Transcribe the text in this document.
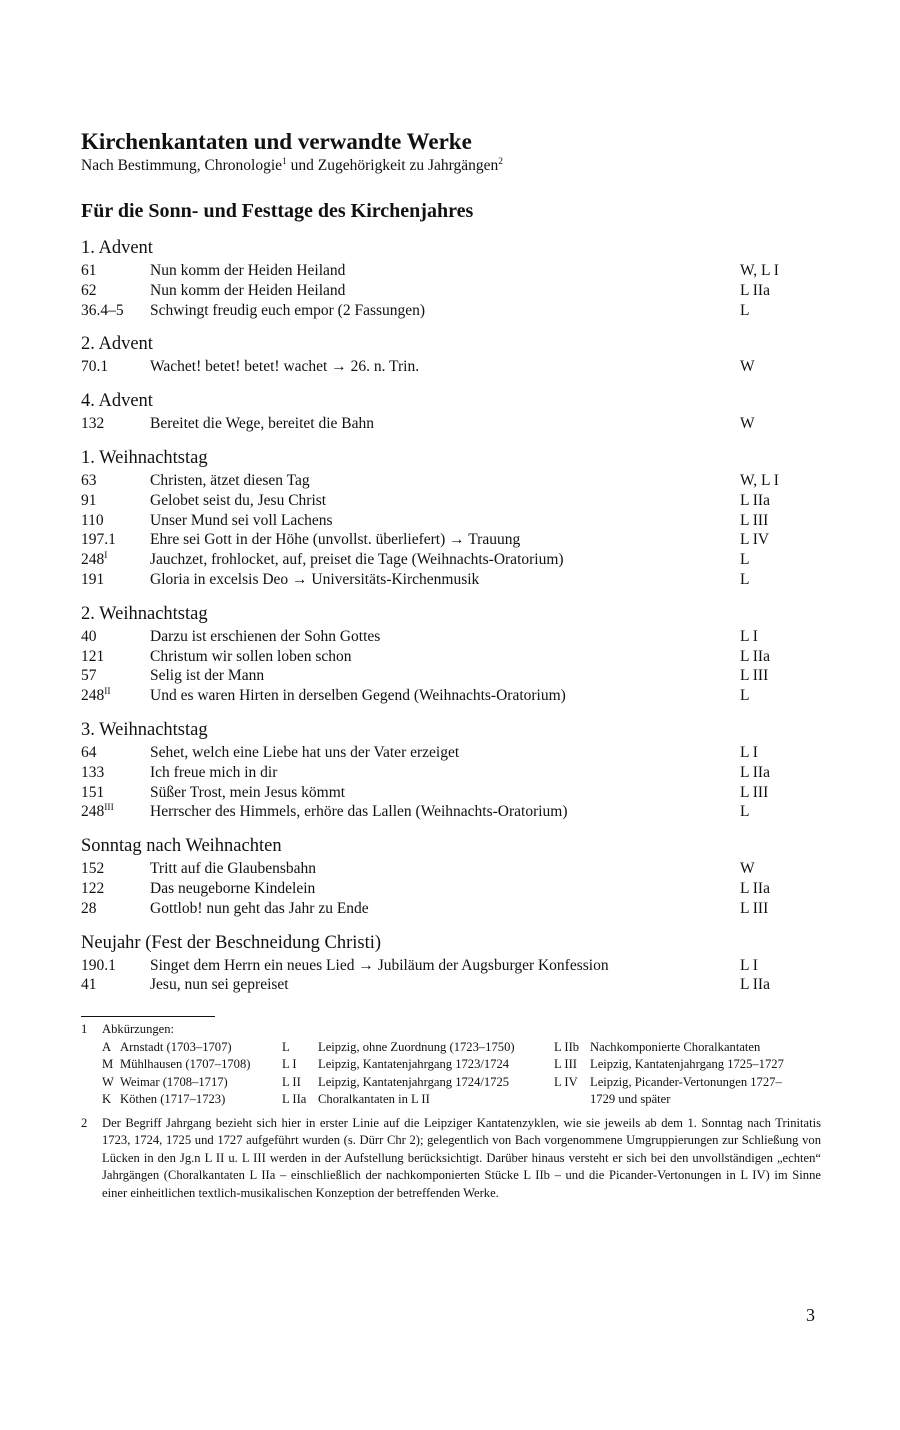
Kirchenkantaten und verwandte Werke

Nach Bestimmung, Chronologie$^1$ und Zugehörigkeit zu Jahrgängen$^2$

Für die Sonn- und Festtage des Kirchenjahres
1. Advent
61	Nun komm der Heiden Heiland	W, L I
62	Nun komm der Heiden Heiland	L IIa
36.4–5	Schwingt freudig euch empor (2 Fassungen)	L
2. Advent
70.1	Wachet! betet! betet! wachet → 26. n. Trin.	W
4. Advent
132	Bereitet die Wege, bereitet die Bahn	W
1. Weihnachtstag
63	Christen, ätzet diesen Tag	W, L I
91	Gelobet seist du, Jesu Christ	L IIa
110	Unser Mund sei voll Lachens	L III
197.1	Ehre sei Gott in der Höhe (unvollst. überliefert) → Trauung	L IV
$248^I$	Jauchzet, frohlocket, auf, preiset die Tage (Weihnachts-Oratorium)	L
191	Gloria in excelsis Deo → Universitäts-Kirchenmusik	L
2. Weihnachtstag
40	Darzu ist erschienen der Sohn Gottes	L I
121	Christum wir sollen loben schon	L IIa
57	Selig ist der Mann	L III
$248^{II}$	Und es waren Hirten in derselben Gegend (Weihnachts-Oratorium)	L
3. Weihnachtstag
64	Sehet, welch eine Liebe hat uns der Vater erzeiget	L I
133	Ich freue mich in dir	L IIa
151	Süßer Trost, mein Jesus kömmt	L III
$248^{III}$	Herrscher des Himmels, erhöre das Lallen (Weihnachts-Oratorium)	L
Sonntag nach Weihnachten
152	Tritt auf die Glaubensbahn	W
122	Das neugeborne Kindelein	L IIa
28	Gottlob! nun geht das Jahr zu Ende	L III
Neujahr (Fest der Beschneidung Christi)
190.1	Singet dem Herrn ein neues Lied → Jubiläum der Augsburger Konfession	L I
41	Jesu, nun sei gepreiset	L IIa
1	Abkürzungen:
A Arnstadt (1703–1707)	L	Leipzig, ohne Zuordnung (1723–1750)	L IIb Nachkomponierte Choralkantaten
M Mühlhausen (1707–1708)	L I	Leipzig, Kantatenjahrgang 1723/1724	L III	Leipzig, Kantatenjahrgang 1725–1727
W Weimar (1708–1717)	L II	Leipzig, Kantatenjahrgang 1724/1725	L IV Leipzig, Picander-Vertonungen 1727–
K Köthen (1717–1723)	L IIa Choralkantaten in L II	1729 und später
2	Der Begriff Jahrgang bezieht sich hier in erster Linie auf die Leipziger Kantatenzyklen, wie sie jeweils ab dem 1. Sonntag nach Trinitatis 1723, 1724, 1725 und 1727 aufgeführt wurden (s. Dürr Chr 2); gelegentlich von Bach vorgenommene Umgruppierungen zur Schließung von Lücken in den Jg.n L II u. L III werden in der Aufstellung berücksichtigt. Darüber hinaus versteht er sich bei den unvollständigen „echten“ Jahrgängen (Choralkantaten L IIa – einschließlich der nachkomponierten Stücke L IIb – und die Picander-Vertonungen in L IV) im Sinne einer einheitlichen textlich-musikalischen Konzeption der betreffenden Werke.
3
